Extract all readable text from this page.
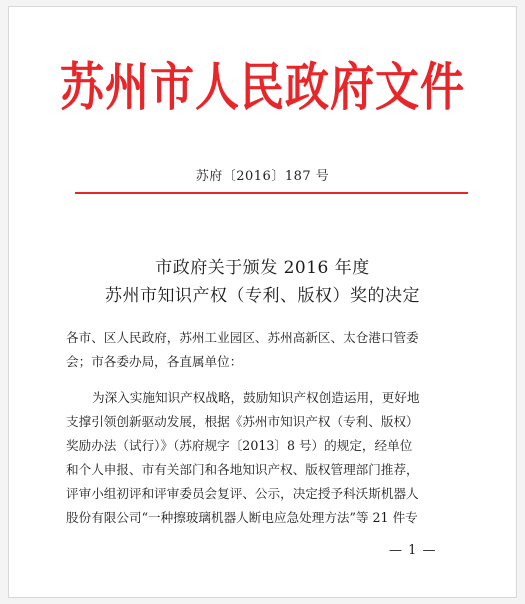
苏州市人民政府文件
苏府〔2016〕187 号
市政府关于颁发 2016 年度
苏州市知识产权（专利、版权）奖的决定
各市、区人民政府，苏州工业园区、苏州高新区、太仓港口管委
会；市各委办局，各直属单位：
为深入实施知识产权战略，鼓励知识产权创造运用，更好地
支撑引领创新驱动发展，根据《苏州市知识产权（专利、版权）
奖励办法（试行）》（苏府规字〔2013〕8 号）的规定，经单位
和个人申报、市有关部门和各地知识产权、版权管理部门推荐，
评审小组初评和评审委员会复评、公示，决定授予科沃斯机器人
股份有限公司“一种擦玻璃机器人断电应急处理方法”等 21 件专
— 1 —
